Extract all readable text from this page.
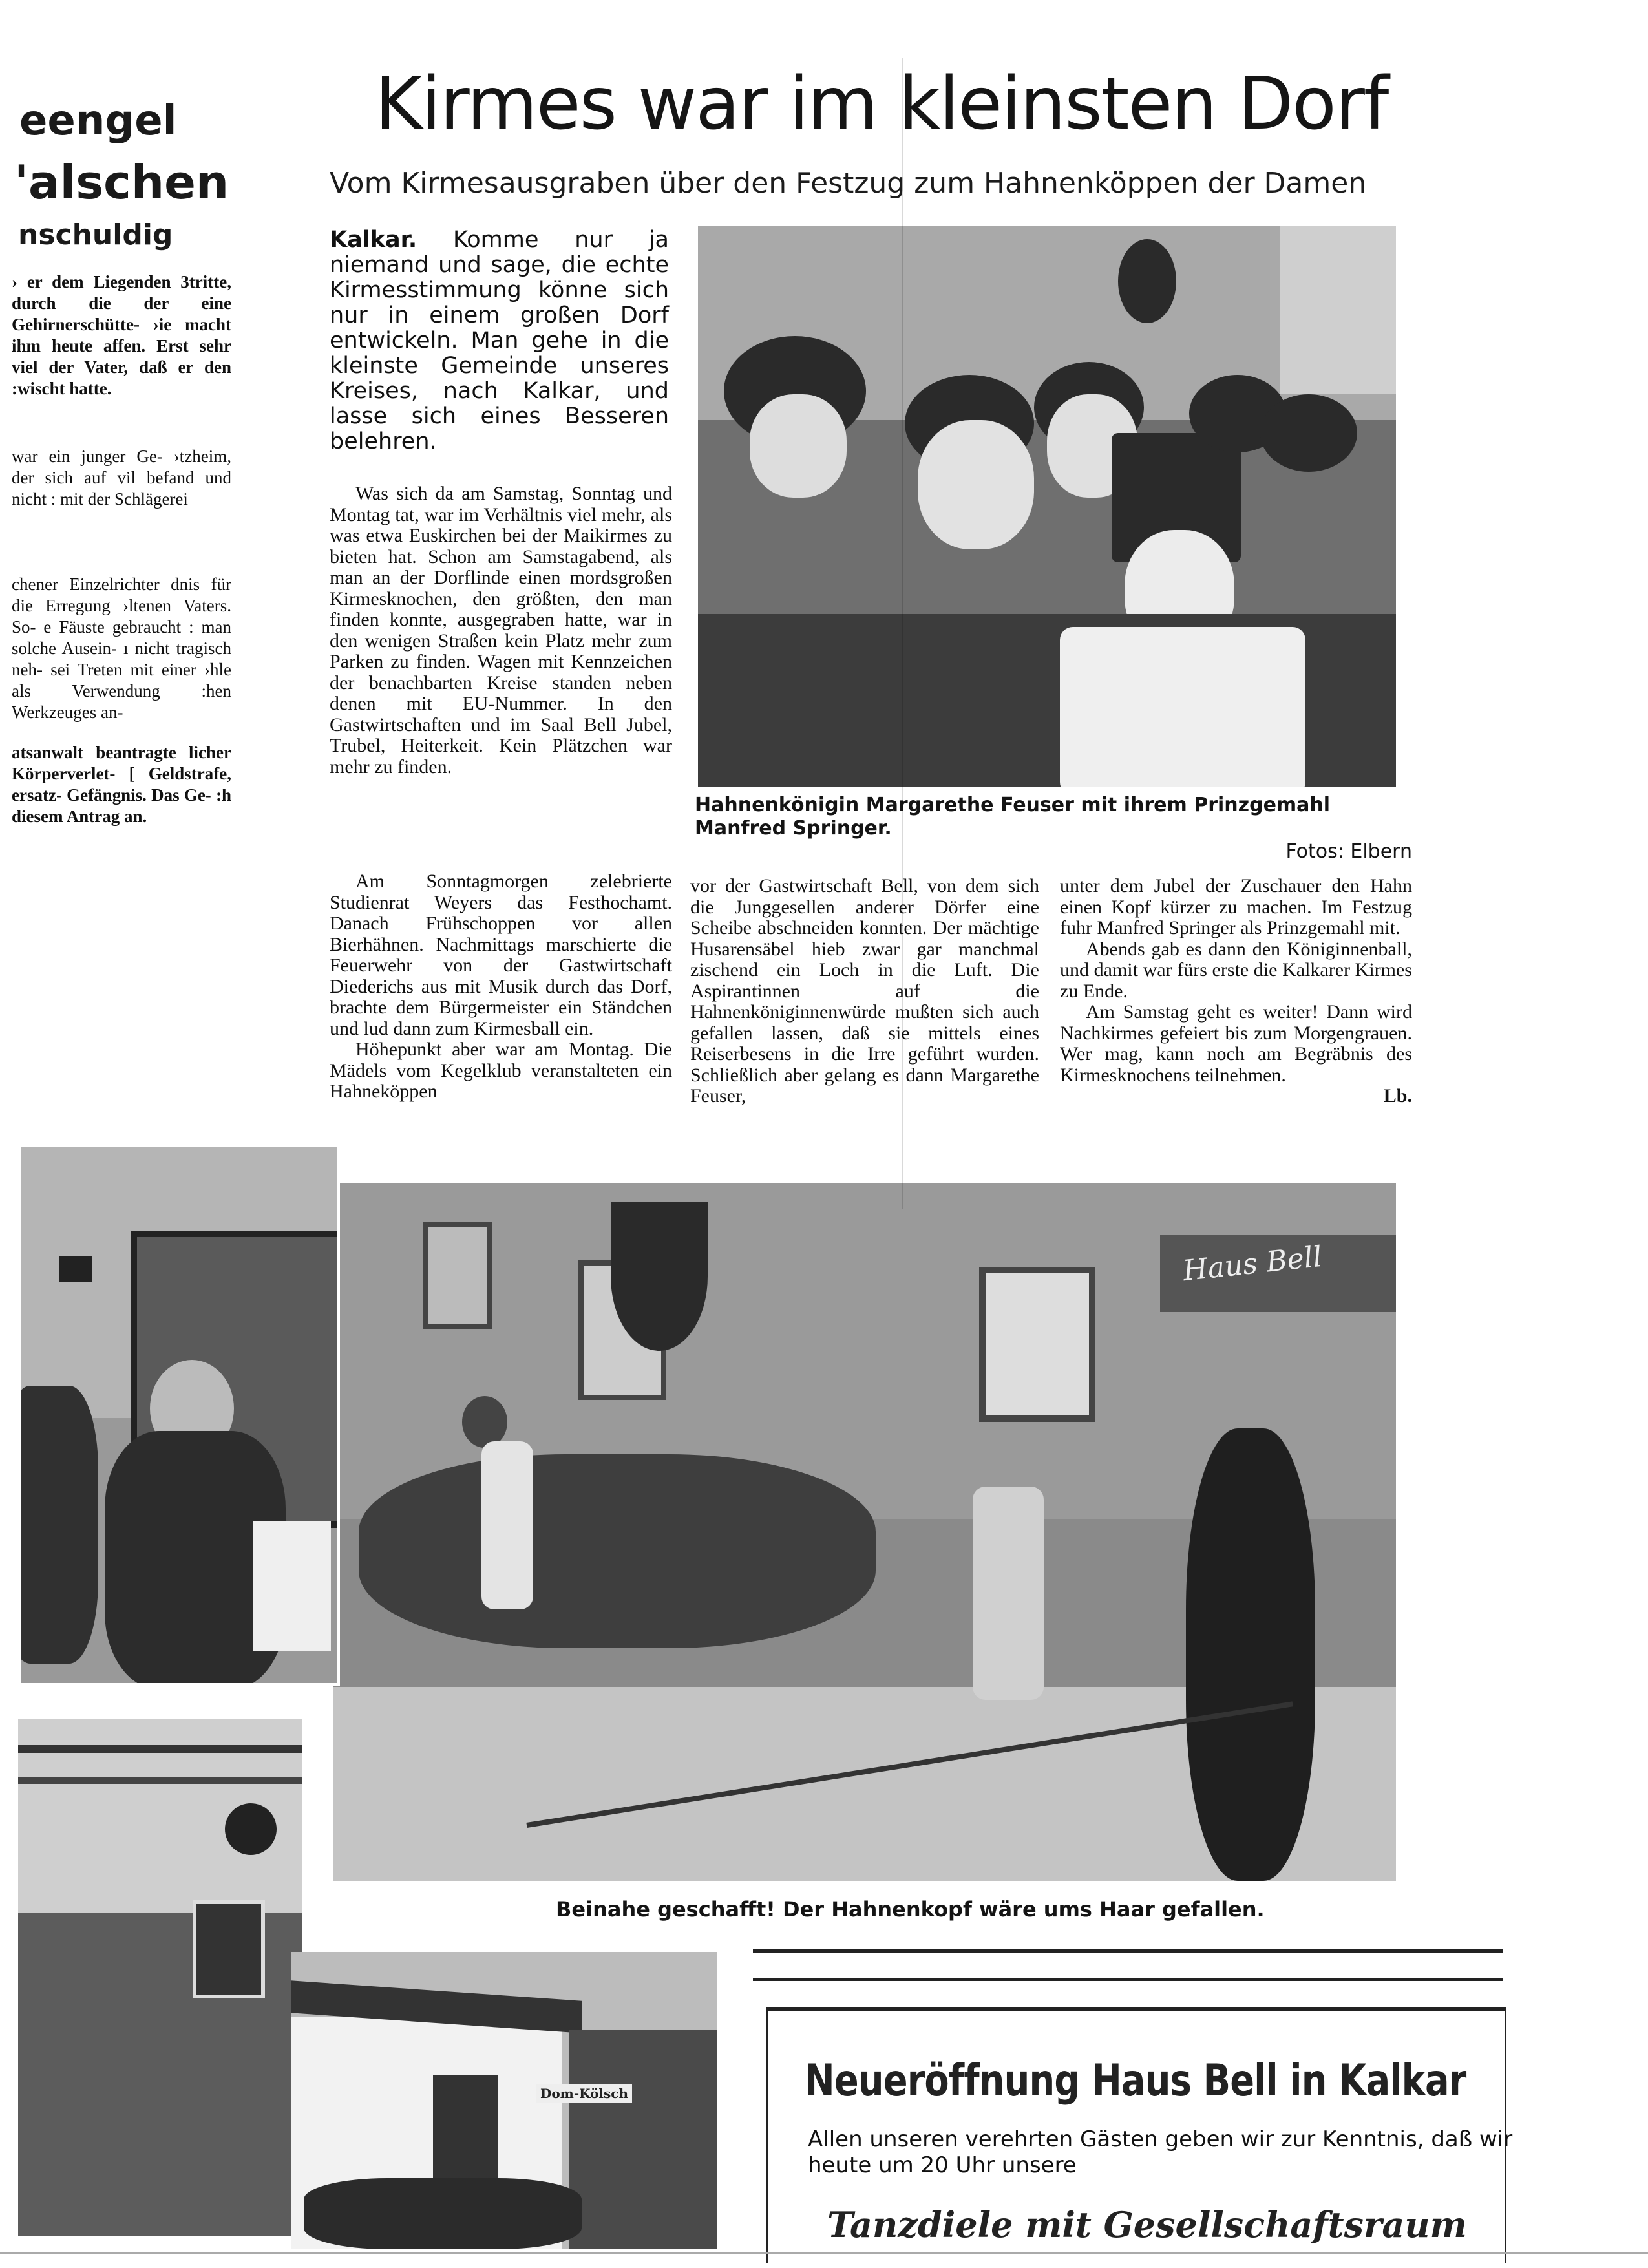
eengel
'alschen
nschuldig
› er dem Liegenden 3tritte, durch die der eine Gehirnerschütte- ›ie macht ihm heute affen. Erst sehr viel der Vater, daß er den :wischt hatte.
war ein junger Ge- ›tzheim, der sich auf vil befand und nicht : mit der Schlägerei
chener Einzelrichter dnis für die Erregung ›ltenen Vaters. So- e Fäuste gebraucht : man solche Ausein- ı nicht tragisch neh- sei Treten mit einer ›hle als Verwendung :hen Werkzeuges an-
atsanwalt beantragte licher Körperverlet- [ Geldstrafe, ersatz- Gefängnis. Das Ge- :h diesem Antrag an.
Kirmes war im kleinsten Dorf
Vom Kirmesausgraben über den Festzug zum Hahnenköppen der Damen
Kalkar. Komme nur ja niemand und sage, die echte Kirmesstimmung könne sich nur in einem großen Dorf entwickeln. Man gehe in die kleinste Gemeinde unseres Kreises, nach Kalkar, und lasse sich eines Besseren belehren.

Was sich da am Samstag, Sonntag und Montag tat, war im Verhältnis viel mehr, als was etwa Euskirchen bei der Maikirmes zu bieten hat. Schon am Samstagabend, als man an der Dorflinde einen mordsgroßen Kirmesknochen, den größten, den man finden konnte, ausgegraben hatte, war in den wenigen Straßen kein Platz mehr zum Parken zu finden. Wagen mit Kennzeichen der benachbarten Kreise standen neben denen mit EU-Nummer. In den Gastwirtschaften und im Saal Bell Jubel, Trubel, Heiterkeit. Kein Plätzchen war mehr zu finden.

Am Sonntagmorgen zelebrierte Studienrat Weyers das Festhochamt. Danach Frühschoppen vor allen Bierhähnen. Nachmittags marschierte die Feuerwehr von der Gastwirtschaft Diederichs aus mit Musik durch das Dorf, brachte dem Bürgermeister ein Ständchen und lud dann zum Kirmesball ein.

Höhepunkt aber war am Montag. Die Mädels vom Kegelklub veranstalteten ein Hahneköppen

vor der Gastwirtschaft Bell, von dem sich die Junggesellen anderer Dörfer eine Scheibe abschneiden konnten. Der mächtige Husarensäbel hieb zwar gar manchmal zischend ein Loch in die Luft. Die Aspirantinnen auf die Hahnenköniginnenwürde mußten sich auch gefallen lassen, daß sie mittels eines Reiserbesens in die Irre geführt wurden. Schließlich aber gelang es dann Margarethe Feuser,

unter dem Jubel der Zuschauer den Hahn einen Kopf kürzer zu machen. Im Festzug fuhr Manfred Springer als Prinzgemahl mit.

Abends gab es dann den Königinnenball, und damit war fürs erste die Kalkarer Kirmes zu Ende.

Am Samstag geht es weiter! Dann wird Nachkirmes gefeiert bis zum Morgengrauen. Wer mag, kann noch am Begräbnis des Kirmesknochens teilnehmen.

Lb.

Hahnenkönigin Margarethe Feuser mit ihrem Prinzgemahl Manfred Springer.

Fotos: Elbern
Haus Bell
Beinahe geschafft! Der Hahnenkopf wäre ums Haar gefallen.
Dom-Kölsch	Neueröffnung Haus Bell in Kalkar
Allen unseren verehrten Gästen geben wir zur Kenntnis, daß wir heute um 20 Uhr unsere
Tanzdiele mit Gesellschaftsraum
